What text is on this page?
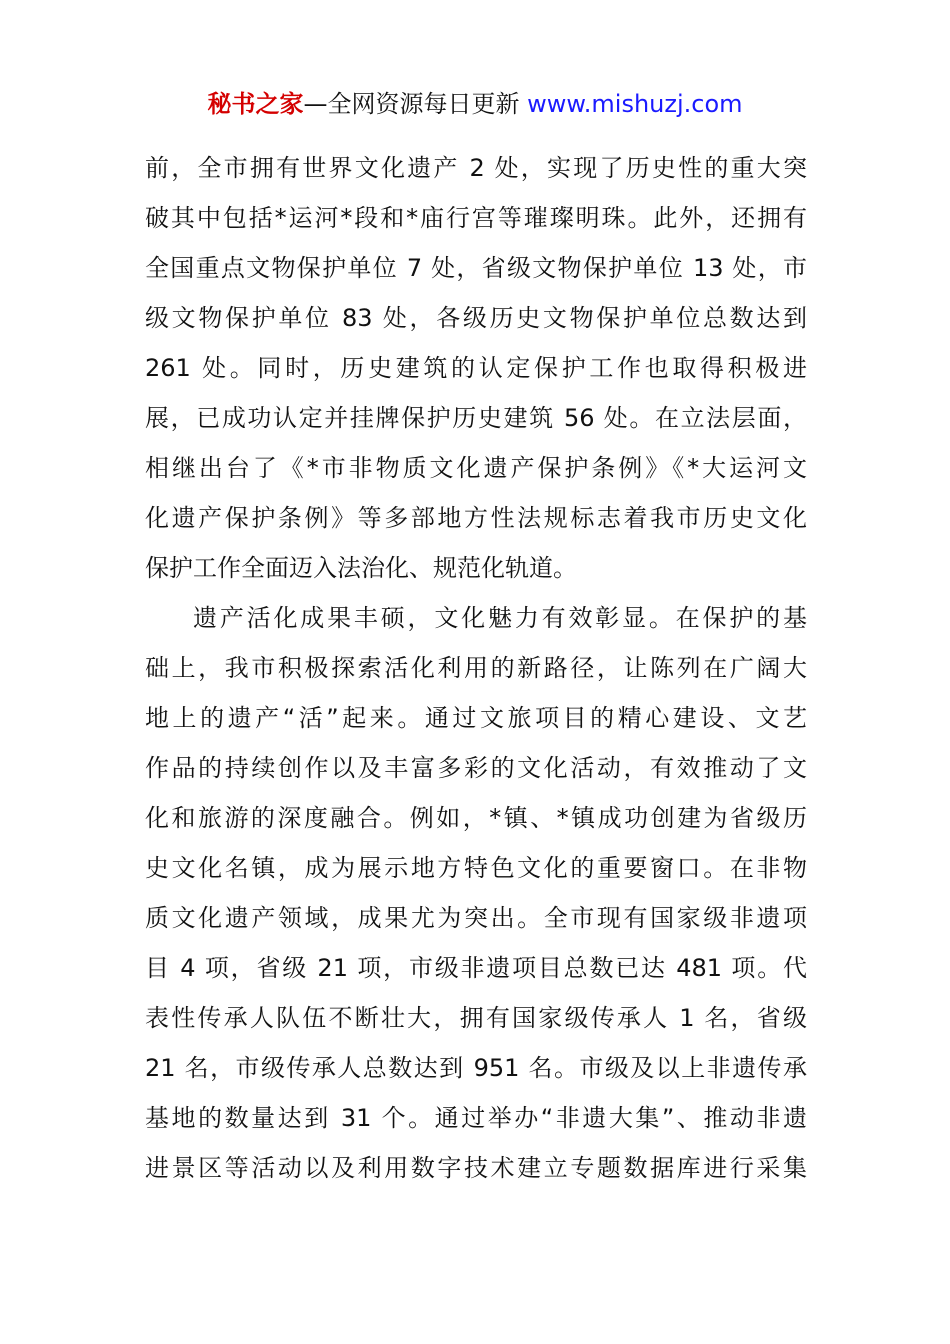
秘书之家—全网资源每日更新 www.mishuzj.com
前，全市拥有世界文化遗产 2 处，实现了历史性的重大突
破其中包括*运河*段和*庙行宫等璀璨明珠。此外，还拥有
全国重点文物保护单位 7 处，省级文物保护单位 13 处，市
级文物保护单位 83 处，各级历史文物保护单位总数达到
261 处。同时，历史建筑的认定保护工作也取得积极进
展，已成功认定并挂牌保护历史建筑 56 处。在立法层面，
相继出台了《*市非物质文化遗产保护条例》《*大运河文
化遗产保护条例》等多部地方性法规标志着我市历史文化
保护工作全面迈入法治化、规范化轨道。
遗产活化成果丰硕，文化魅力有效彰显。在保护的基
础上，我市积极探索活化利用的新路径，让陈列在广阔大
地上的遗产“活”起来。通过文旅项目的精心建设、文艺
作品的持续创作以及丰富多彩的文化活动，有效推动了文
化和旅游的深度融合。例如，*镇、*镇成功创建为省级历
史文化名镇，成为展示地方特色文化的重要窗口。在非物
质文化遗产领域，成果尤为突出。全市现有国家级非遗项
目 4 项，省级 21 项，市级非遗项目总数已达 481 项。代
表性传承人队伍不断壮大，拥有国家级传承人 1 名，省级
21 名，市级传承人总数达到 951 名。市级及以上非遗传承
基地的数量达到 31 个。通过举办“非遗大集”、推动非遗
进景区等活动以及利用数字技术建立专题数据库进行采集
